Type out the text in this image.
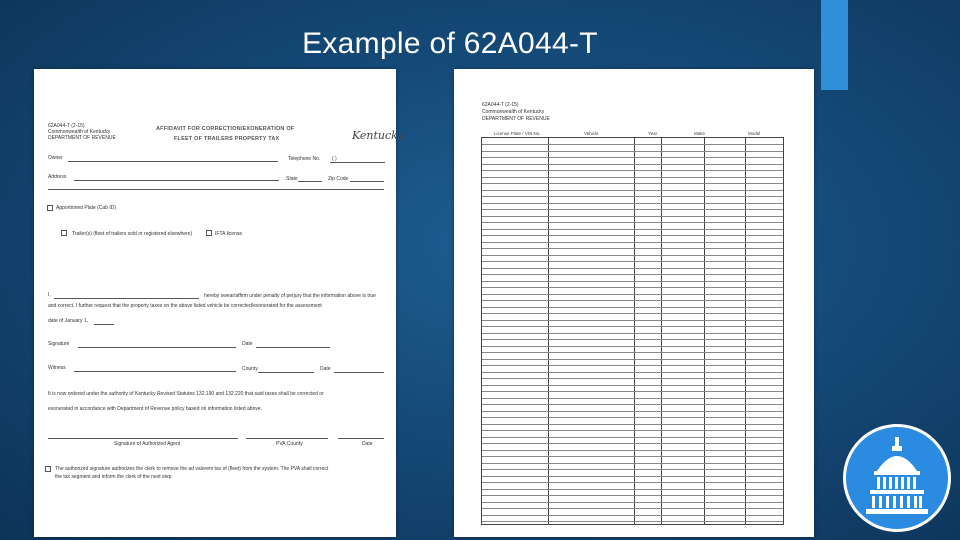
Example of 62A044-T
62A044-T (2-15)
Commonwealth of Kentucky
DEPARTMENT OF REVENUE
AFFIDAVIT FOR CORRECTION/EXONERATION OF
FLEET OF TRAILERS PROPERTY TAX	Kentucky
Owner	Telephone No. ( )
Address	State	Zip Code
Apportioned Plate (Cab ID)
Trailer(s) (fleet of trailers sold or registered elsewhere)	IFTA license
I,	hereby swear/affirm under penalty of perjury that the information above is true
and correct. I further request that the property taxes on the above listed vehicle be corrected/exonerated for the assessment
date of January 1,
Signature	Date
Witness	County	Date
It is now ordered under the authority of Kentucky Revised Statutes 132.190 and 132.220 that said taxes shall be corrected or
exonerated in accordance with Department of Revenue policy based on information listed above.
Signature of Authorized Agent	PVA County	Date
The authorized signature authorizes the clerk to remove the ad valorem tax of (fleet) from the system. The PVA shall correct
the tax segment and inform the clerk of the next step.
62A044-T (2-15)
Commonwealth of Kentucky
DEPARTMENT OF REVENUE
License Plate / VIN No.	Vehicle	Year	Make	Model
